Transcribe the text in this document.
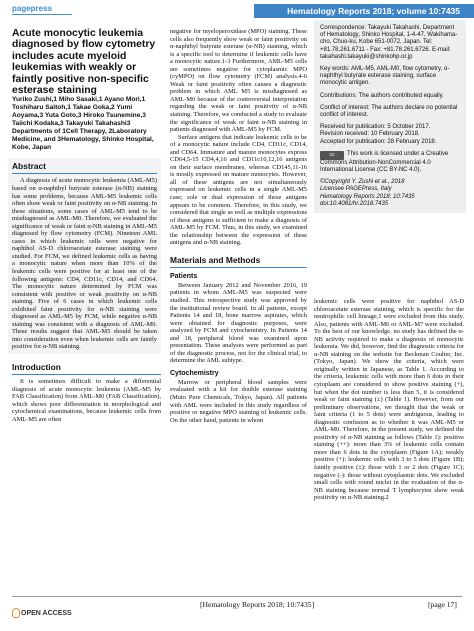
pagepress	Hematology Reports 2018; volume 10:7435

Acute monocytic leukemia diagnosed by flow cytometry includes acute myeloid leukemias with weakly or faintly positive non-specific esterase staining

Yuriko Zushi,1 Miho Sasaki,1 Ayano Mori,1 Toshiharu Saitoh,1 Takae Goka,2 Yumi Aoyama,3 Yuta Goto,3 Hiroko Tsunemine,3 Taiichi Kodaka,3 Takayuki Takahashi3

Departments of 1Cell Therapy, 2Laboratory Medicine, and 3Hematology, Shinko Hospital, Kobe, Japan

Abstract

A diagnosis of acute monocytic leukemia (AML-M5) based on α-naphthyl butyrate esterase (α-NB) staining has some problems, because AML-M5 leukemic cells often show weak or faint positivity on α-NB staining. In these situations, some cases of AML-M5 tend to be misdiagnosed as AML-M0. Therefore, we evaluated the significance of weak or faint α-NB staining in AML-M5 diagnosed by flow cytometry (FCM). Nineteen AML cases in which leukemic cells were negative for naphthol AS-D chloroacetate esterase staining were studied. For FCM, we defined leukemic cells as having a monocytic nature when more than 10% of the leukemic cells were positive for at least one of the following antigens: CD4, CD11c, CD14, and CD64. The monocytic nature determined by FCM was consistent with positive or weak positivity on α-NB staining. Five of 6 cases in which leukemic cells exhibited faint positivity for α-NB staining were diagnosed as AML-M5 by FCM, while negative α-NB staining was consistent with a diagnosis of AML-M0. These results suggest that AML-M5 should be taken into consideration even when leukemic cells are faintly positive for α-NB staining.

Introduction

It is sometimes difficult to make a differential diagnosis of acute monocytic leukemia (AML-M5 by FAB Classification) from AML-M0 (FAB Classification), which shows poor differentiation in morphological and cytochemical examinations, because leukemic cells from AML-M5 are often

negative for myeloperoxidase (MPO) staining. These cells also frequently show weak or faint positivity on α-naphthyl butyrate esterase (α-NB) staining, which is a specific tool to determine if leukemic cells have a monocytic nature.1-3 Furthermore, AML-M5 cells are sometimes negative for cytoplasmic MPO (cyMPO) on flow cytometry (FCM) analysis.4-6 Weak or faint positivity often causes a diagnostic problem in which AML M5 is misdiagnosed as AML-M0 because of the controversial interpretation regarding the weak or faint positivity of α-NB staining. Therefore, we conducted a study to evaluate the significance of weak or faint α-NB staining in patients diagnosed with AML-M5 by FCM.

Surface antigens that indicate leukemic cells to be of a monocytic nature include CD4, CD11c, CD14, and CD64. Immature and mature monocytes express CD64,5-15 CD4,4,16 and CD11c10,12,16 antigens on their surface membranes, whereas CD145,11-16 is mostly expressed on mature monocytes. However, all of these antigens are not simultaneously expressed on leukemic cells in a single AML-M5 case; sole or dual expression of these antigens appears to be common. Therefore, in this study, we considered that single as well as multiple expressions of these antigens is sufficient to make a diagnosis of AML-M5 by FCM. Thus, in this study, we examined the relationship between the expression of these antigens and α-NB staining.

Materials and Methods
Patients

Between January 2012 and November 2016, 19 patients in whom AML-M5 was suspected were studied. This retrospective study was approved by the institutional review board. In all patients, except Patients 14 and 18, bone marrow aspirates, which were obtained for diagnostic purposes, were analyzed by FCM and cytochemistry. In Patients 14 and 18, peripheral blood was examined upon presentation. These analyses were performed as part of the diagnostic process, not for the clinical trial, to determine the AML subtype.

Cytochemistry

Marrow or peripheral blood samples were evaluated with a kit for double esterase staining (Muto Pure Chemicals, Tokyo, Japan). All patients with AML were included in this study regardless of positive or negative MPO staining of leukemic cells. On the other hand, patients in whom

Correspondence: Takayuki Takahashi, Department of Hematology, Shinko Hospital, 1-4-47, Wakihama-cho, Chuo-ku, Kobe 651-0072, Japan. Tel: +81.78.261.6711 - Fax: +81.78.261.6726. E-mail: takahashi.takayuki@shinkohp.or.jp

Key words: AML-M5, AML-M0, flow cytometry, α-naphthyl butyrate esterase staining, surface monocytic antigen.

Contributions: The authors contributed equally.

Conflict of interest: The authors declare no potential conflict of interest.

Received for publication: 5 October 2017.

Revision received: 10 February 2018.

Accepted for publication: 28 February 2018.

cc This work is licensed under a Creative Commons Attribution-NonCommercial 4.0 International License (CC BY-NC 4.0).

©Copyright Y. Zushi et al., 2018

Licensee PAGEPress, Italy

Hematology Reports 2018; 10:7435

doi:10.4081/hr.2018.7435

leukemic cells were positive for naphthol AS-D chloroacetate esterase staining, which is specific for the neutrophilic cell lineage,1 were excluded from this study. Also, patients with AML-M6 or AML-M7 were excluded. To the best of our knowledge, no study has defined the α-NB activity required to make a diagnosis of monocytic leukemia. We did, however, find the diagnostic criteria for α-NB staining on the website for Beckman Coulter, Inc. (Tokyo, Japan). We show the criteria, which were originally written in Japanese, as Table 1. According to the criteria, leukemic cells with more than 6 dots in their cytoplasm are considered to show positive staining (+), but when the dot number is less than 5, it is considered weak or faint staining (±) (Table 1). However, from our preliminary observations, we thought that the weak or faint criteria (1 to 5 dots) were ambiguous, leading to diagnostic confusion as to whether it was AML-M5 or AML-M0. Therefore, in the present study, we defined the positivity of α-NB staining as follows (Table 1): positive staining (++): more than 3% of leukemic cells contain more than 6 dots in the cytoplasm (Figure 1A); weakly positive (+): leukemic cells with 3 to 5 dots (Figure 1B); faintly positive (±): those with 1 or 2 dots (Figure 1C); negative (-): those without cytoplasmic dots. We excluded small cells with round nuclei in the evaluation of the α-NB staining because normal T lymphocytes show weak positivity on α-NB staining.2

OPEN ACCESS
[Hematology Reports 2018; 10:7435]	[page 17]
